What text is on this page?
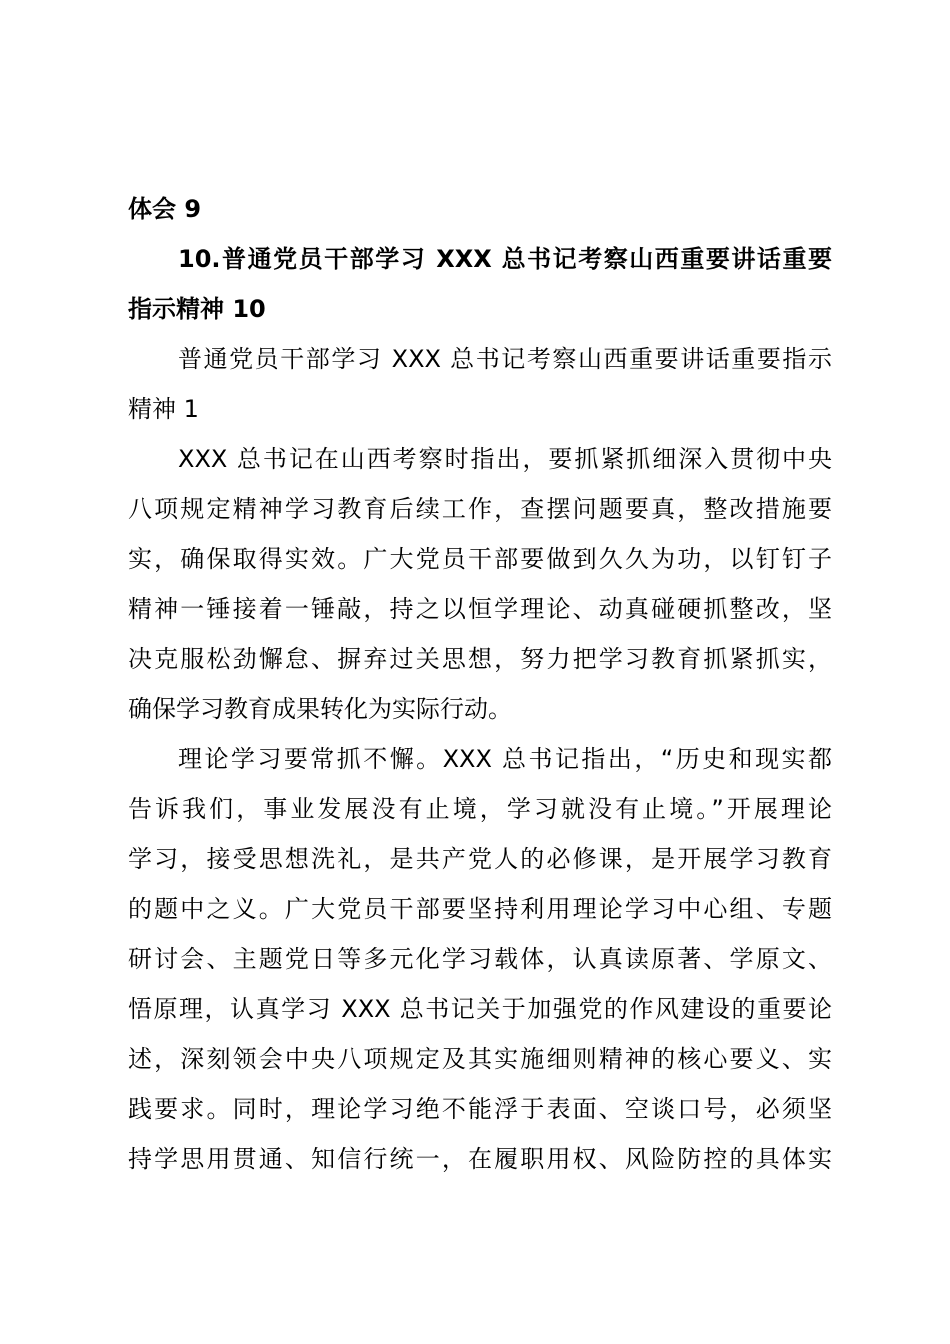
体会 9
10.普通党员干部学习 XXX 总书记考察山西重要讲话重要
指示精神 10
普通党员干部学习 XXX 总书记考察山西重要讲话重要指示
精神 1
XXX 总书记在山西考察时指出，要抓紧抓细深入贯彻中央
八项规定精神学习教育后续工作，查摆问题要真，整改措施要
实，确保取得实效。广大党员干部要做到久久为功，以钉钉子
精神一锤接着一锤敲，持之以恒学理论、动真碰硬抓整改，坚
决克服松劲懈怠、摒弃过关思想，努力把学习教育抓紧抓实，
确保学习教育成果转化为实际行动。
理论学习要常抓不懈。XXX 总书记指出，“历史和现实都
告诉我们，事业发展没有止境，学习就没有止境。”开展理论
学习，接受思想洗礼，是共产党人的必修课，是开展学习教育
的题中之义。广大党员干部要坚持利用理论学习中心组、专题
研讨会、主题党日等多元化学习载体，认真读原著、学原文、
悟原理，认真学习 XXX 总书记关于加强党的作风建设的重要论
述，深刻领会中央八项规定及其实施细则精神的核心要义、实
践要求。同时，理论学习绝不能浮于表面、空谈口号，必须坚
持学思用贯通、知信行统一，在履职用权、风险防控的具体实
